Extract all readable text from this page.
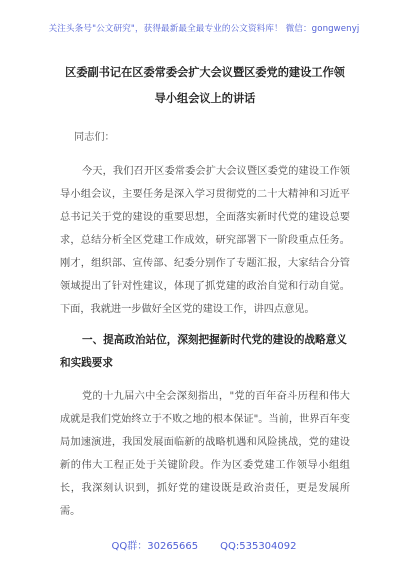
关注头条号"公文研究"，获得最新最全最专业的公文资料库！ 微信：gongwenyj
区委副书记在区委常委会扩大会议暨区委党的建设工作领
导小组会议上的讲话
同志们：

今天，我们召开区委常委会扩大会议暨区委党的建设工作领导小组会议，主要任务是深入学习贯彻党的二十大精神和习近平总书记关于党的建设的重要思想，全面落实新时代党的建设总要求，总结分析全区党建工作成效，研究部署下一阶段重点任务。刚才，组织部、宣传部、纪委分别作了专题汇报，大家结合分管领域提出了针对性建议，体现了抓党建的政治自觉和行动自觉。下面，我就进一步做好全区党的建设工作，讲四点意见。

一、提高政治站位，深刻把握新时代党的建设的战略意义和实践要求

党的十九届六中全会深刻指出，"党的百年奋斗历程和伟大成就是我们党始终立于不败之地的根本保证"。当前，世界百年变局加速演进，我国发展面临新的战略机遇和风险挑战，党的建设新的伟大工程正处于关键阶段。作为区委党建工作领导小组组长，我深刻认识到，抓好党的建设既是政治责任，更是发展所需。

QQ群：30265665 QQ:535304092
